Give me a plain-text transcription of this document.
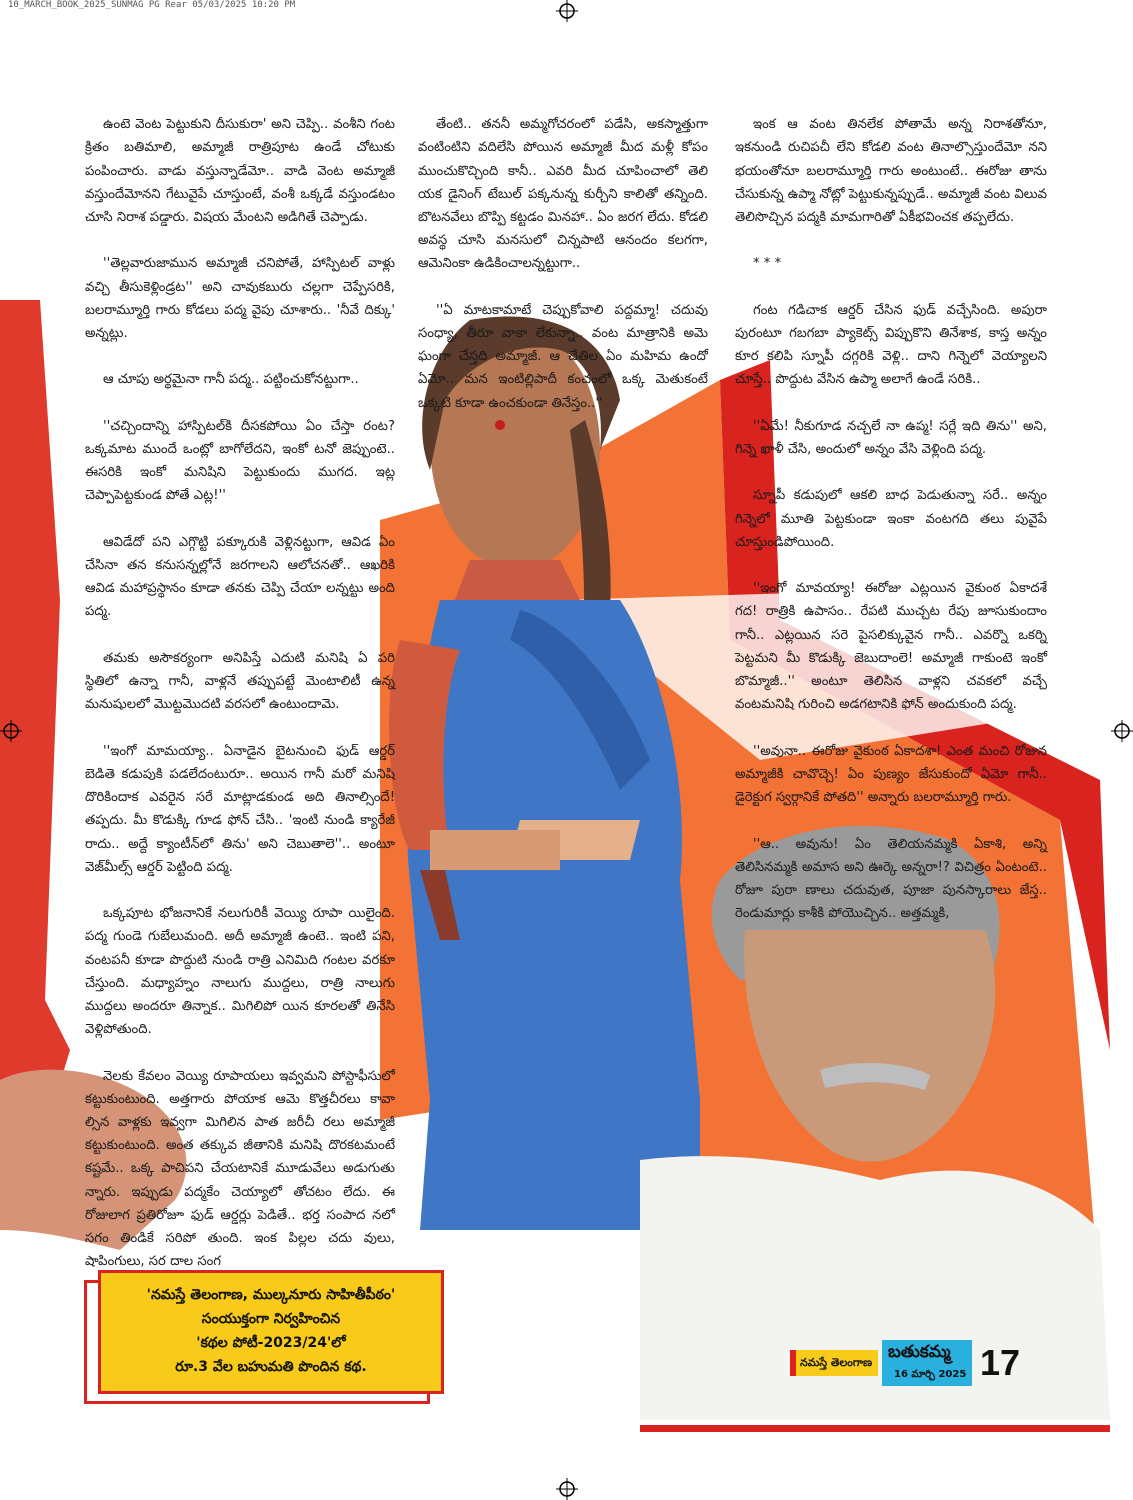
10_MARCH_BOOK_2025_SUNMAG PG Rear 05/03/2025 10:20 PM

ఉంటె వెంట పెట్టుకుని దీసుకురా' అని చెప్పి.. వంశీని గంట క్రితం బతిమాలి, అమ్మాజీ రాత్రిపూట ఉండే చోటుకు పంపించారు. వాడు వస్తున్నాడేమో.. వాడి వెంట అమ్మాజీ వస్తుందేమోనని గేటువైపే చూస్తుంటే, వంశీ ఒక్కడే వస్తుండటం చూసి నిరాశ పడ్డారు. విషయ మేంటని అడిగితే చెప్పాడు.

''తెల్లవారుజామున అమ్మాజీ చనిపోతే, హాస్పిటల్ వాళ్లు వచ్చి తీసుకెళ్లిండ్రట'' అని చావుకబురు చల్లగా చెప్పేసరికి, బలరామ్మూర్తి గారు కోడలు పద్మ వైపు చూశారు.. 'నీవే దిక్కు' అన్నట్లు.

ఆ చూపు అర్థమైనా గానీ పద్మ.. పట్టించుకోనట్టుగా..

''చచ్చిందాన్ని హాస్పిటల్‌కి దీసకపోయి ఏం చేస్తా రంట? ఒక్కమాట ముందే ఒంట్లో బాగోలేదని, ఇంకో టనో జెప్పుంటె.. ఈసరికి ఇంకో మనిషిని పెట్టుకుందు ముగద. ఇట్ల చెప్పాపెట్టకుండ పోతే ఎట్ల!''

ఆవిడేదో పని ఎగ్గొట్టి పక్కూరుకి వెళ్లినట్టుగా, ఆవిడ ఏం చేసినా తన కనుసన్నల్లోనే జరగాలని ఆలోచనతో.. ఆఖరికి ఆవిడ మహాప్రస్థానం కూడా తనకు చెప్పి చేయా లన్నట్టు అంది పద్మ.

తమకు అసౌకర్యంగా అనిపిస్తే ఎదుటి మనిషి ఏ పరి స్థితిలో ఉన్నా గానీ, వాళ్లనే తప్పుపట్టే మెంటాలిటీ ఉన్న మనుషులలో మొట్టమొదటి వరసలో ఉంటుందామె.

''ఇంగో మామయ్యా.. ఏనాడైన బైటనుంచి ఫుడ్ ఆర్డర్ బెడితె కడుపుకి పడలేదంటురూ.. అయిన గానీ మరో మనిషి దొరికిందాక ఎవరైన సరే మాట్లాడకుండ అది తినాల్సిందే! తప్పదు. మీ కొడుక్కి గూడ ఫోన్ చేసి.. 'ఇంటి నుండి క్యారేజీ రాదు.. అద్దే క్యాంటీన్‌లో తిను' అని చెబుతాలె''.. అంటూ వెజ్‌మీల్స్ ఆర్డర్ పెట్టింది పద్మ.

ఒక్కపూట భోజనానికే నలుగురికీ వెయ్యి రూపా యిలైంది. పద్మ గుండె గుబేలుమంది. అదీ అమ్మాజీ ఉంటె.. ఇంటి పని, వంటపనీ కూడా పొద్దుటి నుండి రాత్రి ఎనిమిది గంటల వరకూ చేస్తుంది. మధ్యాహ్నం నాలుగు ముద్దలు, రాత్రి నాలుగు ముద్దలు అందరూ తిన్నాక.. మిగిలిపో యిన కూరలతో తినేసి వెళ్లిపోతుంది.

నెలకు కేవలం వెయ్యి రూపాయలు ఇవ్వమని పోస్టాఫీసులో కట్టుకుంటుంది. అత్తగారు పోయాక ఆమె కొత్తచీరలు కావా ల్సిన వాళ్లకు ఇవ్వగా మిగిలిన పాత జరీచీ రలు అమ్మాజీ కట్టుకుంటుంది. అంత తక్కువ జీతానికి మనిషి దొరకటమంటే కష్టమే.. ఒక్క పాచిపని చేయటానికే మూడువేలు అడుగుతు న్నారు. ఇప్పుడు పద్మకేం చెయ్యాలో తోచటం లేదు. ఈ రోజులాగ ప్రతిరోజూ ఫుడ్ ఆర్డర్లు పెడితే.. భర్త సంపాద నలో సగం తిండికే సరిపో తుంది. ఇంక పిల్లల చదు వులు, షాపింగులు, సర దాల సంగ

తేంటి.. తననీ అమ్మగోచరంలో పడేసి, అకస్మాత్తుగా వంటింటిని వదిలేసి పోయిన అమ్మాజీ మీద మళ్లీ కోపం ముంచుకొచ్చింది కానీ.. ఎవరి మీద చూపించాలో తెలి యక డైనింగ్ టేబుల్ పక్కనున్న కుర్చీని కాలితో తన్నింది. బొటనవేలు బొప్పి కట్టడం మినహా.. ఏం జరగ లేదు. కోడలి అవస్థ చూసి మనసులో చిన్నపాటి ఆనందం కలగగా, ఆమెనింకా ఉడికించాలన్నట్టుగా..

''ఏ మాటకామాటే చెప్పుకోవాలి పద్దమ్మా! చదువు సంధ్యా, తీరూ వాకా లేకున్నా.. వంట మాత్రానికి అమె ఘంగా చేస్తది అమ్మాజీ. ఆ చేతిల ఏం మహిమ ఉందో ఏమో.. మన ఇంటిల్లిపాదీ కంచంలో ఒక్క మెతుకంటే ఒక్కటి కూడా ఉంచకుండా తినేస్తం..''

ఇంక ఆ వంట తినలేక పోతామే అన్న నిరాశతోనూ, ఇకనుండి రుచిపచీ లేని కోడలి వంట తినాల్సొస్తుందేమో నని భయంతోనూ బలరామ్మూర్తి గారు అంటుంటే.. ఈరోజు తాను చేసుకున్న ఉప్మా నోట్లో పెట్టుకున్నప్పుడే.. అమ్మాజీ వంట విలువ తెలిసొచ్చిన పద్మకి మామగారితో ఏకీభవించక తప్పలేదు.

* * *

గంట గడిచాక ఆర్డర్ చేసిన ఫుడ్ వచ్చేసింది. అపురా పురంటూ గబగబా ప్యాకెట్స్ విప్పుకొని తినేశాక, కాస్త అన్నం కూర కలిపి స్నూపీ దగ్గరికి వెళ్లి.. దాని గిన్నెలో వెయ్యాలని చూస్తే.. పొద్దుట వేసిన ఉప్మా అలాగే ఉండే సరికి..

''ఏమే! నీకుగూడ నచ్చలే నా ఉప్మ! సర్లే ఇది తిను'' అని, గిన్నె ఖాళీ చేసి, అందులో అన్నం వేసి వెళ్లింది పద్మ.

స్నూపీ కడుపులో ఆకలి బాధ పెడుతున్నా సరే.. అన్నం గిన్నెలో మూతి పెట్టకుండా ఇంకా వంటగది తలు పువైపే చూస్తుండిపోయింది.

''ఇంగో మావయ్యా! ఈరోజు ఎట్లయిన వైకుంఠ ఏకాదశే గద! రాత్రికి ఉపాసం.. రేపటి ముచ్చట రేపు జూసుకుందాం గానీ.. ఎట్లయిన సరె పైసలిక్కువైన గానీ.. ఎవర్నొ ఒకర్ని పెట్టమని మీ కొడుక్కి జెబుదాంలె! అమ్మాజీ గాకుంటె ఇంకో బొమ్మాజీ..'' అంటూ తెలిసిన వాళ్లని చవకలో వచ్చే వంటమనిషి గురించి అడగటానికి ఫోన్ అందుకుంది పద్మ.

''అవునా.. ఈరోజు వైకుంఠ ఏకాదశా! ఎంత మంచి రోజున అమ్మాజీకి చావొచ్చె! ఏం పుణ్యం జేసుకుందో ఏమో గానీ.. డైరెక్టుగ స్వర్గానికే పోతది'' అన్నారు బలరామ్మూర్తి గారు.

''ఆ.. అవును! ఏం తెలియనమ్మకి ఏకాశి, అన్ని తెలిసినమ్మకి అమాస అని ఊర్కె అన్నరా!? విచిత్రం ఏంటంటె.. రోజూ పురా ణాలు చదువుత, పూజా పునస్కారాలు జేస్త.. రెండుమార్లు కాశీకి పోయొచ్చిన.. అత్తమ్మకి,

'నమస్తే తెలంగాణ, ముల్కనూరు సాహితీపీఠం'
సంయుక్తంగా నిర్వహించిన
'కథల పోటీ-2023/24'లో
రూ.3 వేల బహుమతి పొందిన కథ.	నమస్తే తెలంగాణ
బతుకమ్మ
16 మార్చి 2025 17
